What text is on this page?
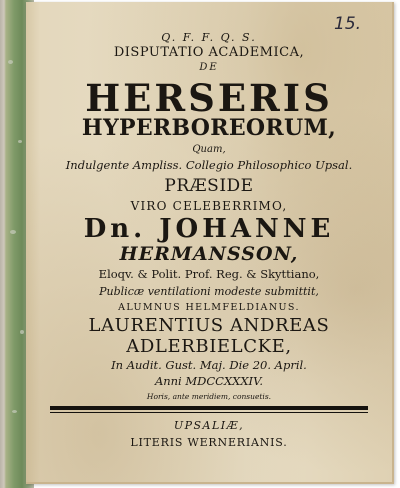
15.
Q. F. F. Q. S.
DISPUTATIO ACADEMICA,
DE
HERSERIS
HYPERBOREORUM,
Quam,
Indulgente Ampliss. Collegio Philosophico Upsal.
PRÆSIDE
VIRO CELEBERRIMO,
Dn. JOHANNE
HERMANSSON,
Eloqv. & Polit. Prof. Reg. & Skyttiano,
Publicæ ventilationi modeste submittit,
ALUMNUS HELMFELDIANUS.
LAURENTIUS ANDREAS
ADLERBIELCKE,
In Audit. Gust. Maj. Die 20. April.
Anni MDCCXXXIV.
Horis, ante meridiem, consuetis.
UPSALIÆ,
LITERIS WERNERIANIS.
